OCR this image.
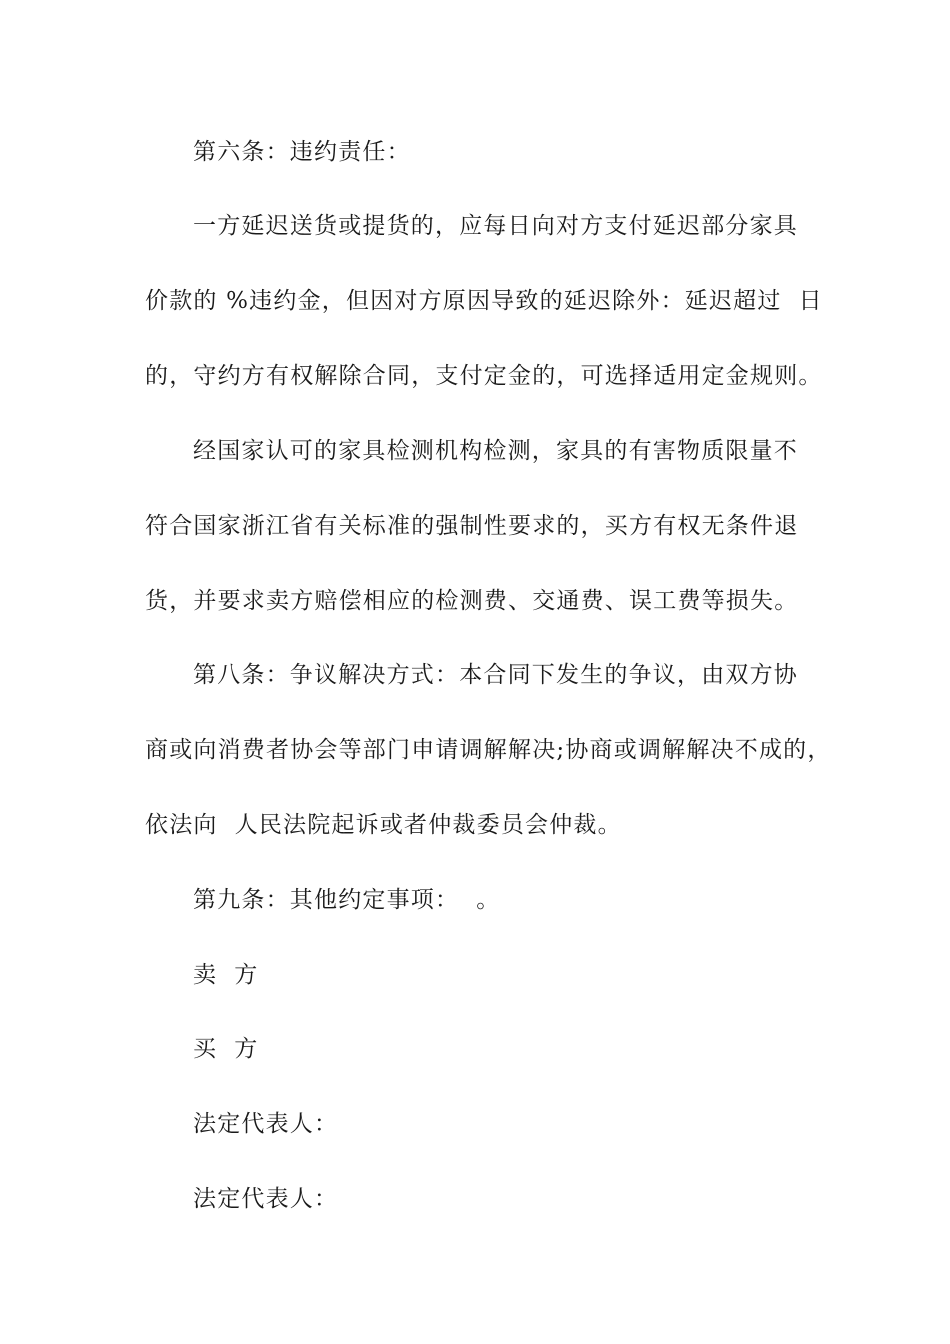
第六条：违约责任：
一方延迟送货或提货的，应每日向对方支付延迟部分家具
价款的 %违约金，但因对方原因导致的延迟除外：延迟超过  日
的，守约方有权解除合同，支付定金的，可选择适用定金规则。
经国家认可的家具检测机构检测，家具的有害物质限量不
符合国家浙江省有关标准的强制性要求的，买方有权无条件退
货，并要求卖方赔偿相应的检测费、交通费、误工费等损失。
第八条：争议解决方式：本合同下发生的争议，由双方协
商或向消费者协会等部门申请调解解决;协商或调解解决不成的，
依法向  人民法院起诉或者仲裁委员会仲裁。
第九条：其他约定事项：  。
卖  方
买  方
法定代表人：
法定代表人：
